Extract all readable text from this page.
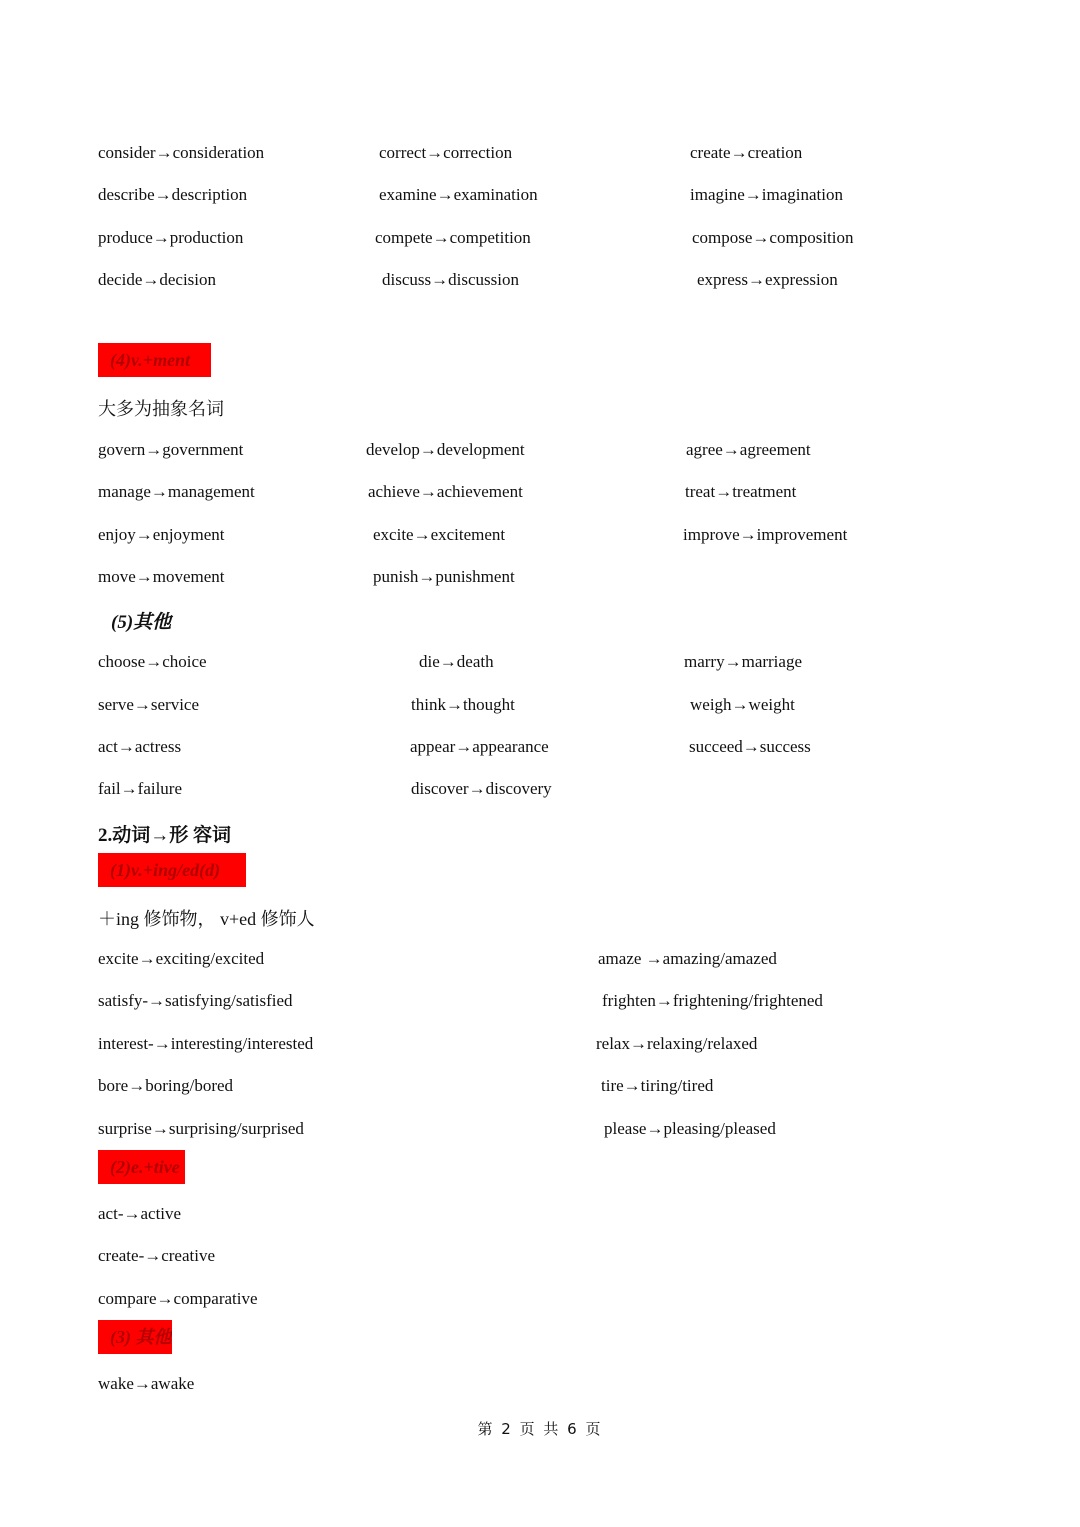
consider→consideration	correct→correction	create→creation
describe→description	examine→examination	imagine→imagination
produce→production	compete→competition	compose→composition
decide→decision	discuss→discussion	express→expression
(4)v.+ment
大多为抽象名词
govern→government	develop→development	agree→agreement
manage→management	achieve→achievement	treat→treatment
enjoy→enjoyment	excite→excitement	improve→improvement
move→movement	punish→punishment
(5)其他
choose→choice	die→death	marry→marriage
serve→service	think→thought	weigh→weight
act→actress	appear→appearance	succeed→success
fail→failure	discover→discovery
2.动词→形 容词
(1)v.+ing/ed(d)
＋ing 修饰物， v+ed 修饰人
excite→exciting/excited	amaze →amazing/amazed
satisfy-→satisfying/satisfied	frighten→frightening/frightened
interest-→interesting/interested	relax→relaxing/relaxed
bore→boring/bored	tire→tiring/tired
surprise→surprising/surprised	please→pleasing/pleased
(2)e.+tive
act-→active
create-→creative
compare→comparative
(3) 其他
wake→awake
第 2 页 共 6 页
